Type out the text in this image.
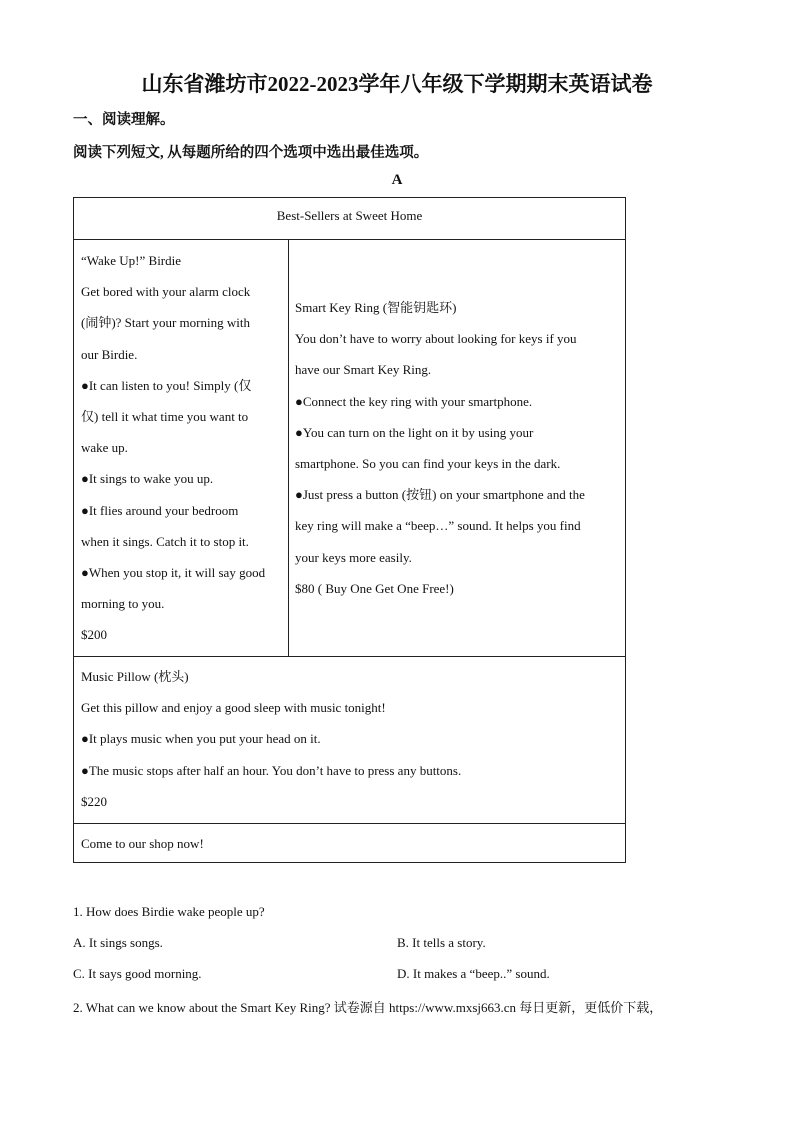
山东省潍坊市2022-2023学年八年级下学期期末英语试卷
一、阅读理解。
阅读下列短文, 从每题所给的四个选项中选出最佳选项。
A
Best-Sellers at Sweet Home
“Wake Up!” Birdie
Get bored with your alarm clock
(闹钟)? Start your morning with
our Birdie.
●It can listen to you! Simply (仅
仅) tell it what time you want to
wake up.
●It sings to wake you up.
●It flies around your bedroom
when it sings. Catch it to stop it.
●When you stop it, it will say good
morning to you.
$200
Smart Key Ring (智能钥匙环)
You don’t have to worry about looking for keys if you
have our Smart Key Ring.
●Connect the key ring with your smartphone.
●You can turn on the light on it by using your
smartphone. So you can find your keys in the dark.
●Just press a button (按钮) on your smartphone and the
key ring will make a “beep…” sound. It helps you find
your keys more easily.
$80 ( Buy One Get One Free!)
Music Pillow (枕头)
Get this pillow and enjoy a good sleep with music tonight!
●It plays music when you put your head on it.
●The music stops after half an hour. You don’t have to press any buttons.
$220
Come to our shop now!
1. How does Birdie wake people up?
A. It sings songs.	B. It tells a story.
C. It says good morning.	D. It makes a “beep..” sound.
2. What can we know about the Smart Key Ring? 试卷源自 https://www.mxsj663.cn 每日更新，更低价下载，
